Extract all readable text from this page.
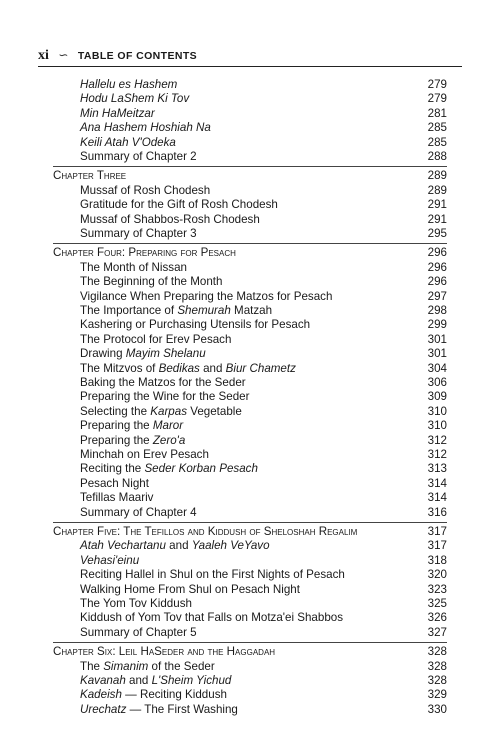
xi ∽ TABLE OF CONTENTS
Hallelu es Hashem	279
Hodu LaShem Ki Tov	279
Min HaMeitzar	281
Ana Hashem Hoshiah Na	285
Keili Atah V'Odeka	285
Summary of Chapter 2	288
Chapter Three	289
Mussaf of Rosh Chodesh	289
Gratitude for the Gift of Rosh Chodesh	291
Mussaf of Shabbos-Rosh Chodesh	291
Summary of Chapter 3	295
Chapter Four: Preparing for Pesach	296
The Month of Nissan	296
The Beginning of the Month	296
Vigilance When Preparing the Matzos for Pesach	297
The Importance of Shemurah Matzah	298
Kashering or Purchasing Utensils for Pesach	299
The Protocol for Erev Pesach	301
Drawing Mayim Shelanu	301
The Mitzvos of Bedikas and Biur Chametz	304
Baking the Matzos for the Seder	306
Preparing the Wine for the Seder	309
Selecting the Karpas Vegetable	310
Preparing the Maror	310
Preparing the Zero'a	312
Minchah on Erev Pesach	312
Reciting the Seder Korban Pesach	313
Pesach Night	314
Tefillas Maariv	314
Summary of Chapter 4	316
Chapter Five: The Tefillos and Kiddush of Sheloshah Regalim	317
Atah Vechartanu and Yaaleh VeYavo	317
Vehasi'einu	318
Reciting Hallel in Shul on the First Nights of Pesach	320
Walking Home From Shul on Pesach Night	323
The Yom Tov Kiddush	325
Kiddush of Yom Tov that Falls on Motza'ei Shabbos	326
Summary of Chapter 5	327
Chapter Six: Leil HaSeder and the Haggadah	328
The Simanim of the Seder	328
Kavanah and L'Sheim Yichud	328
Kadeish — Reciting Kiddush	329
Urechatz — The First Washing	330
